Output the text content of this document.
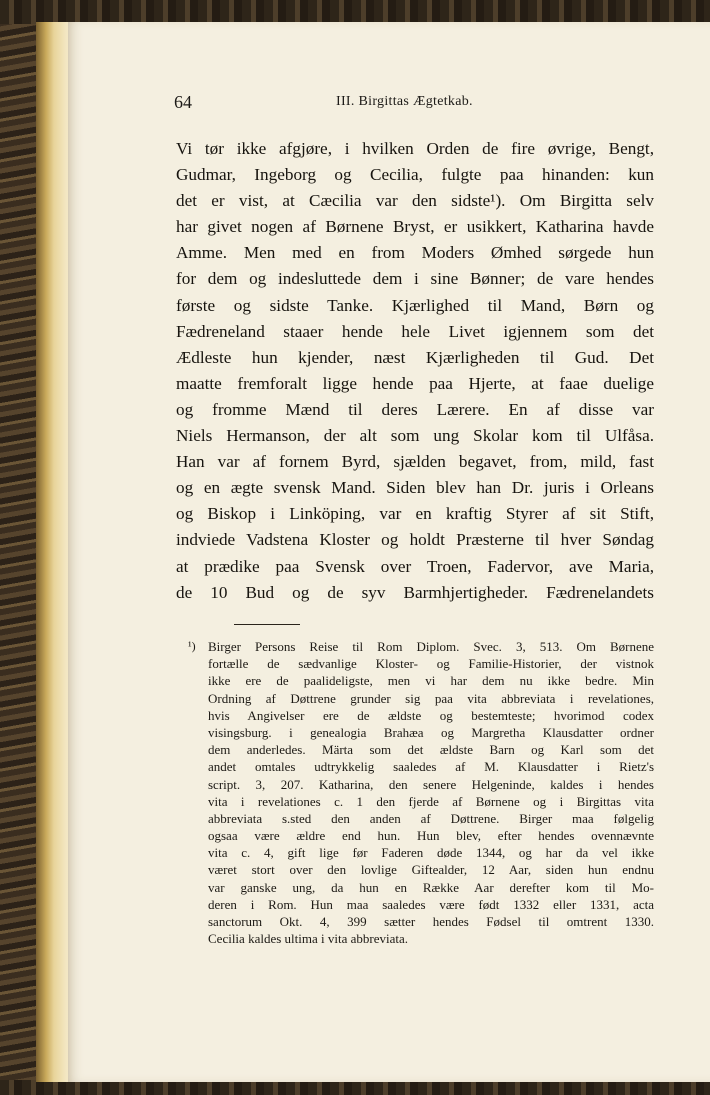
64	III. Birgittas Ægtetkab.
Vi tør ikke afgjøre, i hvilken Orden de fire øvrige, Bengt,
Gudmar, Ingeborg og Cecilia, fulgte paa hinanden: kun
det er vist, at Cæcilia var den sidste¹). Om Birgitta selv
har givet nogen af Børnene Bryst, er usikkert, Katharina havde
Amme. Men med en from Moders Ømhed sørgede hun
for dem og indesluttede dem i sine Bønner; de vare hendes
første og sidste Tanke. Kjærlighed til Mand, Børn og
Fædreneland staaer hende hele Livet igjennem som det
Ædleste hun kjender, næst Kjærligheden til Gud. Det
maatte fremforalt ligge hende paa Hjerte, at faae duelige
og fromme Mænd til deres Lærere. En af disse var
Niels Hermanson, der alt som ung Skolar kom til Ulfåsa.
Han var af fornem Byrd, sjælden begavet, from, mild, fast
og en ægte svensk Mand. Siden blev han Dr. juris i Orleans
og Biskop i Linköping, var en kraftig Styrer af sit Stift,
indviede Vadstena Kloster og holdt Præsterne til hver Søndag
at prædike paa Svensk over Troen, Fadervor, ave Maria,
de 10 Bud og de syv Barmhjertigheder. Fædrenelandets
¹) Birger Persons Reise til Rom Diplom. Svec. 3, 513. Om Børnene
fortælle de sædvanlige Kloster- og Familie-Historier, der vistnok
ikke ere de paalideligste, men vi har dem nu ikke bedre. Min
Ordning af Døttrene grunder sig paa vita abbreviata i revelationes,
hvis Angivelser ere de ældste og bestemteste; hvorimod codex
visingsburg. i genealogia Brahæa og Margretha Klausdatter ordner
dem anderledes. Märta som det ældste Barn og Karl som det
andet omtales udtrykkelig saaledes af M. Klausdatter i Rietz's
script. 3, 207. Katharina, den senere Helgeninde, kaldes i hendes
vita i revelationes c. 1 den fjerde af Børnene og i Birgittas vita
abbreviata s.sted den anden af Døttrene. Birger maa følgelig
ogsaa være ældre end hun. Hun blev, efter hendes ovennævnte
vita c. 4, gift lige før Faderen døde 1344, og har da vel ikke
været stort over den lovlige Giftealder, 12 Aar, siden hun endnu
var ganske ung, da hun en Række Aar derefter kom til Mo-
deren i Rom. Hun maa saaledes være født 1332 eller 1331, acta
sanctorum Okt. 4, 399 sætter hendes Fødsel til omtrent 1330.
Cecilia kaldes ultima i vita abbreviata.
